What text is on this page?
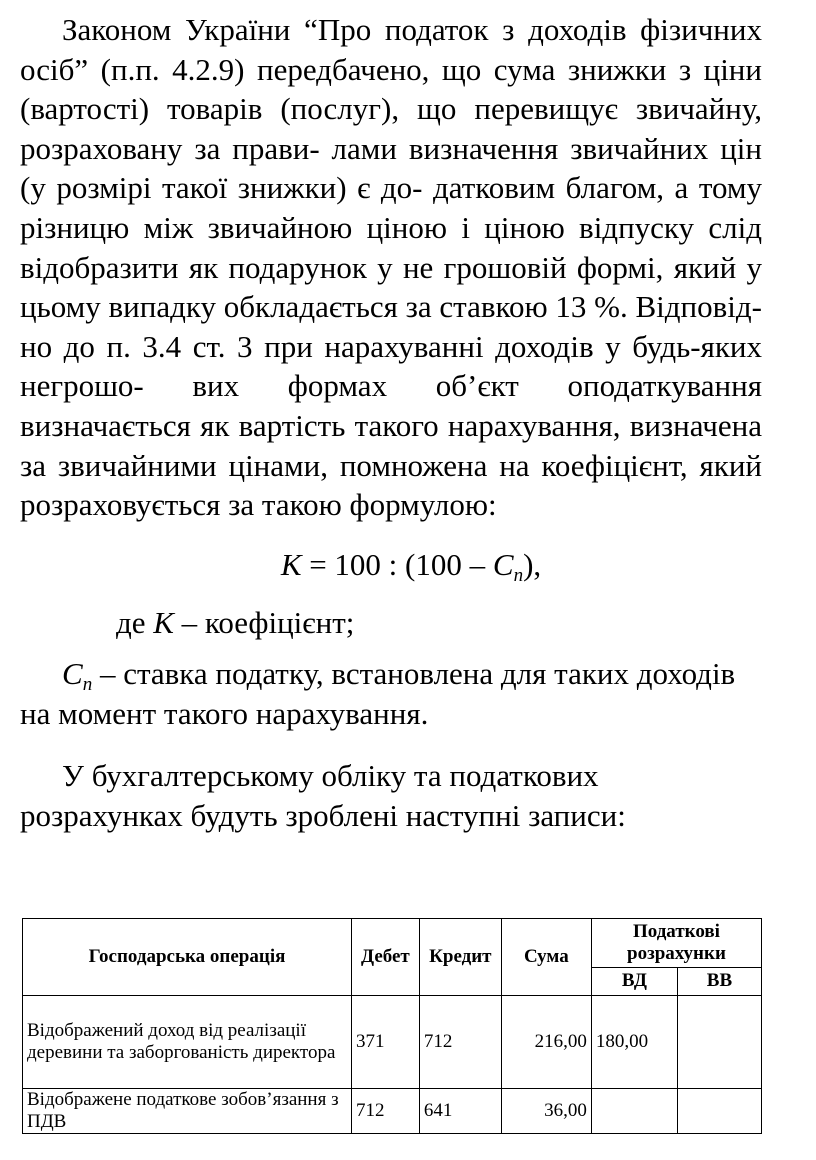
Законом України “Про податок з доходів фізичних осіб” (п.п. 4.2.9) передбачено, що сума знижки з ціни (вартості) товарів (послуг), що перевищує звичайну, розраховану за прави- лами визначення звичайних цін (у розмірі такої знижки) є до- датковим благом, а тому різницю між звичайною ціною і ціною відпуску слід відобразити як подарунок у не грошовій формі, який у цьому випадку обкладається за ставкою 13 %. Відповід- но до п. 3.4 ст. 3 при нарахуванні доходів у будь-яких негрошо- вих формах об’єкт оподаткування визначається як вартість такого нарахування, визначена за звичайними цінами, помножена на коефіцієнт, який розраховується за такою формулою:

К = 100 : $(100 - С_п)$,

де К – коефіцієнт;

$С_п$ – ставка податку, встановлена для таких доходів на момент такого нарахування.

У бухгалтерському обліку та податкових розрахунках будуть зроблені наступні записи:

Господарська операція	Дебет	Кредит	Сума	Податкові розрахунки	
				ВД	ВВ
Відображений доход від реалізації деревини та заборгованість директора	371	712	216,00	180,00	
Відображене податкове зобов’язання з ПДВ	712	641	36,00		
